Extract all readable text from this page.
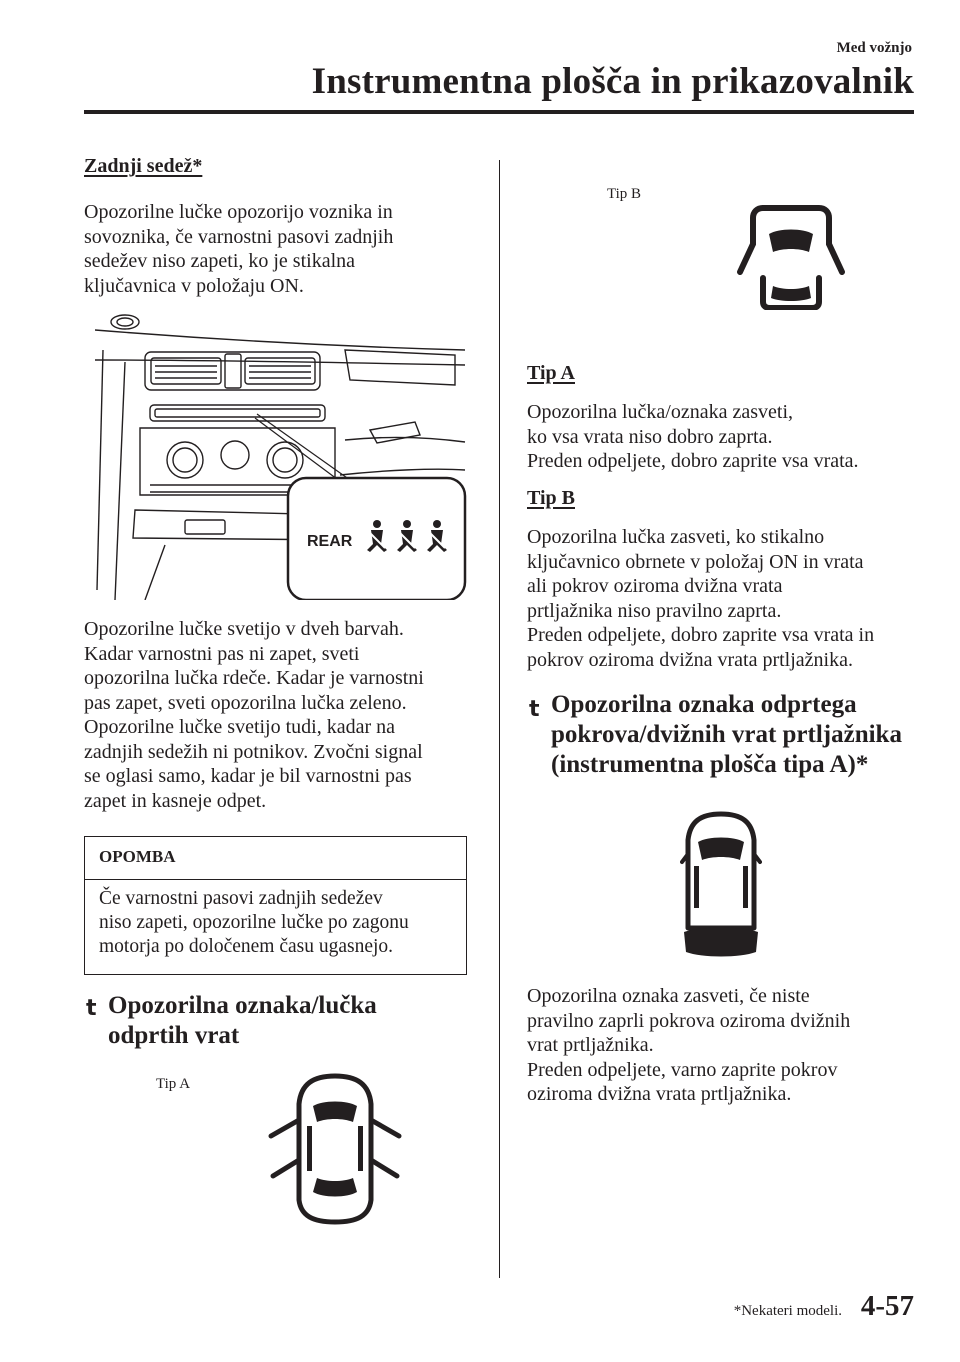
Med vožnjo
Instrumentna plošča in prikazovalnik
Zadnji sedež*
Opozorilne lučke opozorijo voznika in
sovoznika, če varnostni pasovi zadnjih
sedežev niso zapeti, ko je stikalna
ključavnica v položaju ON.
REAR
Opozorilne lučke svetijo v dveh barvah.
Kadar varnostni pas ni zapet, sveti
opozorilna lučka rdeče. Kadar je varnostni
pas zapet, sveti opozorilna lučka zeleno.
Opozorilne lučke svetijo tudi, kadar na
zadnjih sedežih ni potnikov. Zvočni signal
se oglasi samo, kadar je bil varnostni pas
zapet in kasneje odpet.
OPOMBA
Če varnostni pasovi zadnjih sedežev
niso zapeti, opozorilne lučke po zagonu
motorja po določenem času ugasnejo.
t Opozorilna oznaka/lučka
odprtih vrat
Tip A
Tip B
Tip A
Opozorilna lučka/oznaka zasveti,
ko vsa vrata niso dobro zaprta.
Preden odpeljete, dobro zaprite vsa vrata.
Tip B
Opozorilna lučka zasveti, ko stikalno
ključavnico obrnete v položaj ON in vrata
ali pokrov oziroma dvižna vrata
prtljažnika niso pravilno zaprta.
Preden odpeljete, dobro zaprite vsa vrata in
pokrov oziroma dvižna vrata prtljažnika.
t Opozorilna oznaka odprtega
pokrova/dvižnih vrat prtljažnika
(instrumentna plošča tipa A)*
Opozorilna oznaka zasveti, če niste
pravilno zaprli pokrova oziroma dvižnih
vrat prtljažnika.
Preden odpeljete, varno zaprite pokrov
oziroma dvižna vrata prtljažnika.
*Nekateri modeli. 4-57
